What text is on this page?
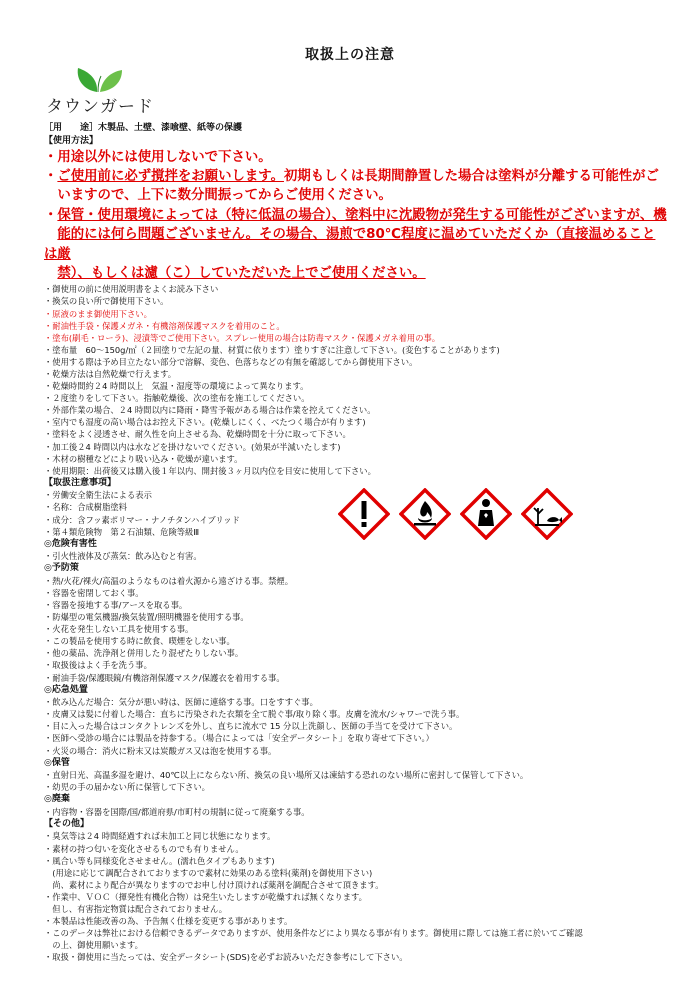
取扱上の注意
タウンガード
［用　　途］木製品、土壁、漆喰壁、紙等の保護
【使用方法】
・用途以外には使用しないで下さい。
・ご使用前に必ず撹拌をお願いします。初期もしくは長期間静置した場合は塗料が分離する可能性がご
　いますので、上下に数分間振ってからご使用ください。
・保管・使用環境によっては（特に低温の場合）、塗料中に沈殿物が発生する可能性がございますが、機
　能的には何ら問題ございません。その場合、湯煎で80℃程度に温めていただくか（直接温めることは厳
　禁）、もしくは濾（こ）していただいた上でご使用ください。
・御使用の前に使用説明書をよくお読み下さい
・換気の良い所で御使用下さい。
・原液のまま御使用下さい。
・耐油性手袋・保護メガネ・有機溶剤保護マスクを着用のこと。
・塗布(刷毛・ローラ)、浸漬等でご使用下さい。スプレー使用の場合は防毒マスク・保護メガネ着用の事。
・塗布量　60～150g/㎡（２回塗りで左記の量、材質に依ります）塗りすぎに注意して下さい。(変色することがあります)
・使用する際は予め目立たない部分で溶解、変色、色落ちなどの有無を確認してから御使用下さい。
・乾燥方法は自然乾燥で行えます。
・乾燥時間約２4 時間以上　気温・湿度等の環境によって異なります。
・２度塗りをして下さい。指触乾燥後、次の塗布を施工してください。
・外部作業の場合、２4 時間以内に降雨・降雪予報がある場合は作業を控えてください。
・室内でも湿度の高い場合はお控え下さい。(乾燥しにくく、べたつく場合が有ります)
・塗料をよく浸透させ、耐久性を向上させる為、乾燥時間を十分に取って下さい。
・加工後２4 時間以内は水などを掛けないでください。(効果が半減いたします)
・木材の樹種などにより吸い込み・乾燥が違います。
・使用期限：出荷後又は購入後１年以内、開封後３ヶ月以内位を目安に使用して下さい。
【取扱注意事項】
・労働安全衛生法による表示
・名称：合成樹脂塗料
・成分：含フッ素ポリマー・ナノチタンハイブリッド
・第４類危険物　第２石油類、危険等級Ⅲ
◎危険有害性
・引火性液体及び蒸気：飲み込むと有害。
◎予防策
・熱/火花/裸火/高温のようなものは着火源から遠ざける事。禁煙。
・容器を密閉しておく事。
・容器を接地する事/アースを取る事。
・防爆型の電気機器/換気装置/照明機器を使用する事。
・火花を発生しない工具を使用する事。
・この製品を使用する時に飲食、喫煙をしない事。
・他の薬品、洗浄剤と併用したり混ぜたりしない事。
・取扱後はよく手を洗う事。
・耐油手袋/保護眼鏡/有機溶剤保護マスク/保護衣を着用する事。
◎応急処置
・飲み込んだ場合：気分が悪い時は、医師に連絡する事。口をすすぐ事。
・皮膚又は髪に付着した場合：直ちに汚染された衣類を全て脱ぐ事/取り除く事。皮膚を流水/シャワーで洗う事。
・目に入った場合はコンタクトレンズを外し、直ちに流水で 15 分以上洗顔し、医師の手当てを受けて下さい。
・医師へ受診の場合には製品を持参する。（場合によっては「安全データシート」を取り寄せて下さい。）
・火災の場合：消火に粉末又は炭酸ガス又は泡を使用する事。
◎保管
・直射日光、高温多湿を避け、40℃以上にならない所、換気の良い場所又は凍結する恐れのない場所に密封して保管して下さい。
・幼児の手の届かない所に保管して下さい。
◎廃棄
・内容物・容器を国際/国/都道府県/市町村の規制に従って廃棄する事。
【その他】
・臭気等は２4 時間経過すれば未加工と同じ状態になります。
・素材の持つ匂いを変化させるものでも有りません。
・風合い等も同様変化させません。(濡れ色タイプもあります)
　(用途に応じて調配合されておりますので素材に効果のある塗料(薬剤)を御使用下さい)
　尚、素材により配合が異なりますのでお申し付け頂ければ薬剤を調配合させて頂きます。
・作業中、ＶＯＣ（揮発性有機化合物）は発生いたしますが乾燥すれば無くなります。
　但し、有害指定物質は配合されておりません。
・本製品は性能改善の為、予告無く仕様を変更する事があります。
・このデータは弊社における信頼できるデータでありますが、使用条件などにより異なる事が有ります。御使用に際しては施工者に於いてご確認
　の上、御使用願います。
・取扱・御使用に当たっては、安全データシート(SDS)を必ずお読みいただき参考にして下さい。
